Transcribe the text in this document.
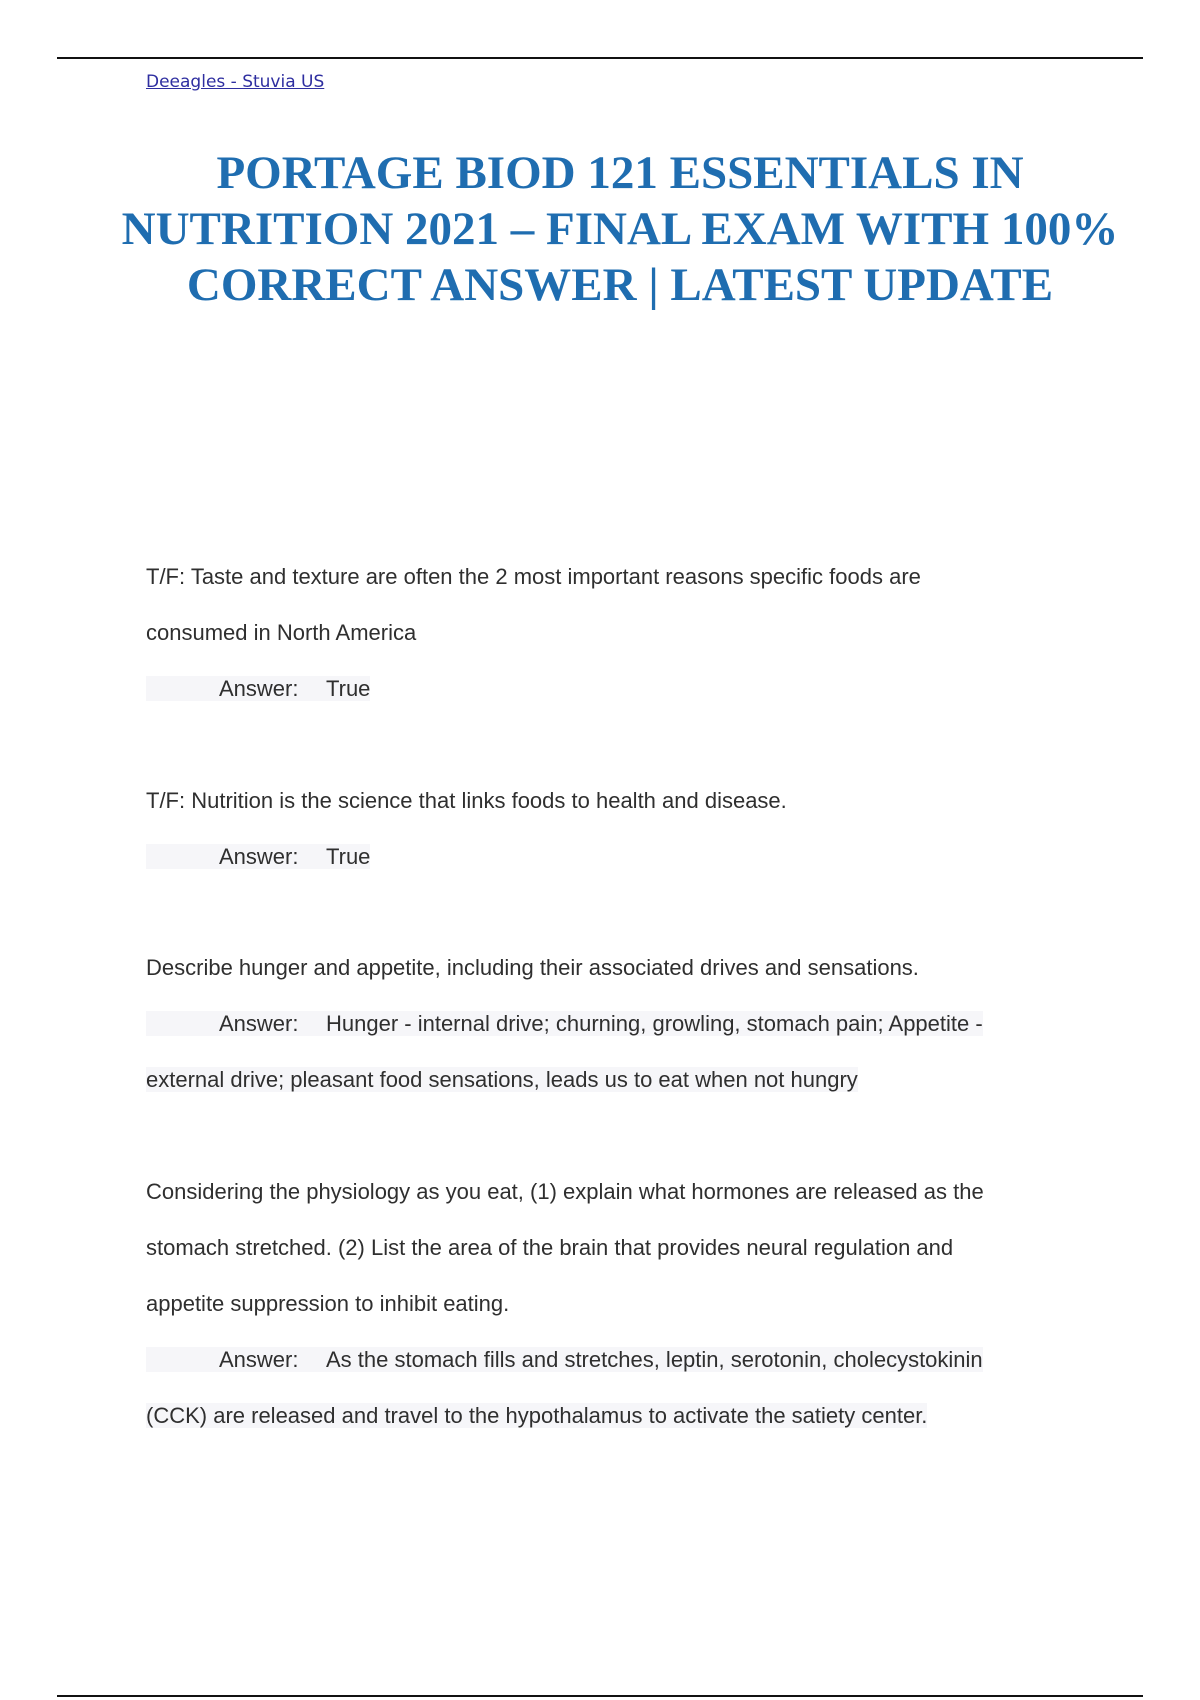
Deeagles - Stuvia US
PORTAGE BIOD 121 ESSENTIALS IN NUTRITION 2021 – FINAL EXAM WITH 100% CORRECT ANSWER | LATEST UPDATE
T/F: Taste and texture are often the 2 most important reasons specific foods are
consumed in North America
Answer: True
T/F: Nutrition is the science that links foods to health and disease.
Answer: True
Describe hunger and appetite, including their associated drives and sensations.
Answer: Hunger - internal drive; churning, growling, stomach pain; Appetite -
external drive; pleasant food sensations, leads us to eat when not hungry
Considering the physiology as you eat, (1) explain what hormones are released as the
stomach stretched. (2) List the area of the brain that provides neural regulation and
appetite suppression to inhibit eating.
Answer: As the stomach fills and stretches, leptin, serotonin, cholecystokinin
(CCK) are released and travel to the hypothalamus to activate the satiety center.
